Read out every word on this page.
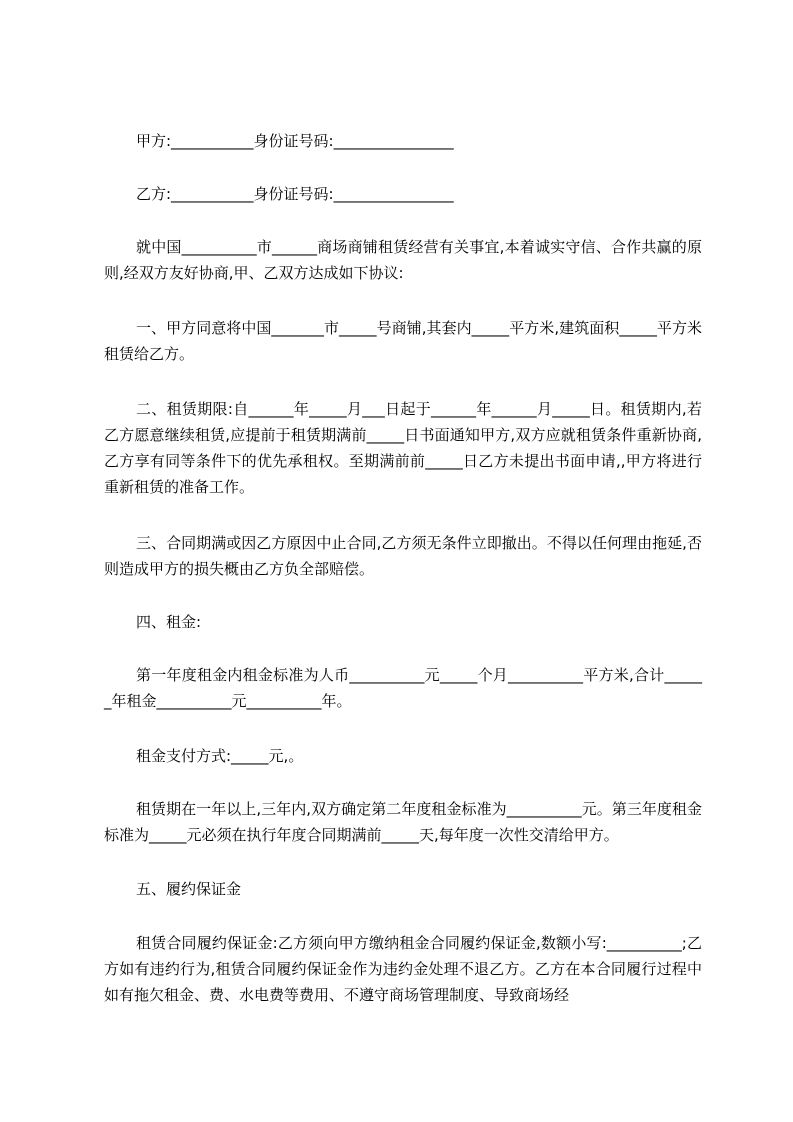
甲方:___________身份证号码:________________

乙方:___________身份证号码:________________

就中国__________市______商场商铺租赁经营有关事宜,本着诚实守信、合作共赢的原则,经双方友好协商,甲、乙双方达成如下协议:

一、甲方同意将中国_______市_____号商铺,其套内_____平方米,建筑面积_____平方米租赁给乙方。

二、租赁期限:自______年_____月___日起于______年______月_____日。租赁期内,若乙方愿意继续租赁,应提前于租赁期满前_____日书面通知甲方,双方应就租赁条件重新协商,乙方享有同等条件下的优先承租权。至期满前前_____日乙方未提出书面申请,,甲方将进行重新租赁的准备工作。

三、合同期满或因乙方原因中止合同,乙方须无条件立即撤出。不得以任何理由拖延,否则造成甲方的损失概由乙方负全部赔偿。

四、租金:

第一年度租金内租金标准为人币__________元_____个月__________平方米,合计______年租金__________元__________年。

租金支付方式:_____元,。

租赁期在一年以上,三年内,双方确定第二年度租金标准为__________元。第三年度租金标准为_____元必须在执行年度合同期满前_____天,每年度一次性交清给甲方。

五、履约保证金

租赁合同履约保证金:乙方须向甲方缴纳租金合同履约保证金,数额小写:__________;乙方如有违约行为,租赁合同履约保证金作为违约金处理不退乙方。乙方在本合同履行过程中如有拖欠租金、费、水电费等费用、不遵守商场管理制度、导致商场经
